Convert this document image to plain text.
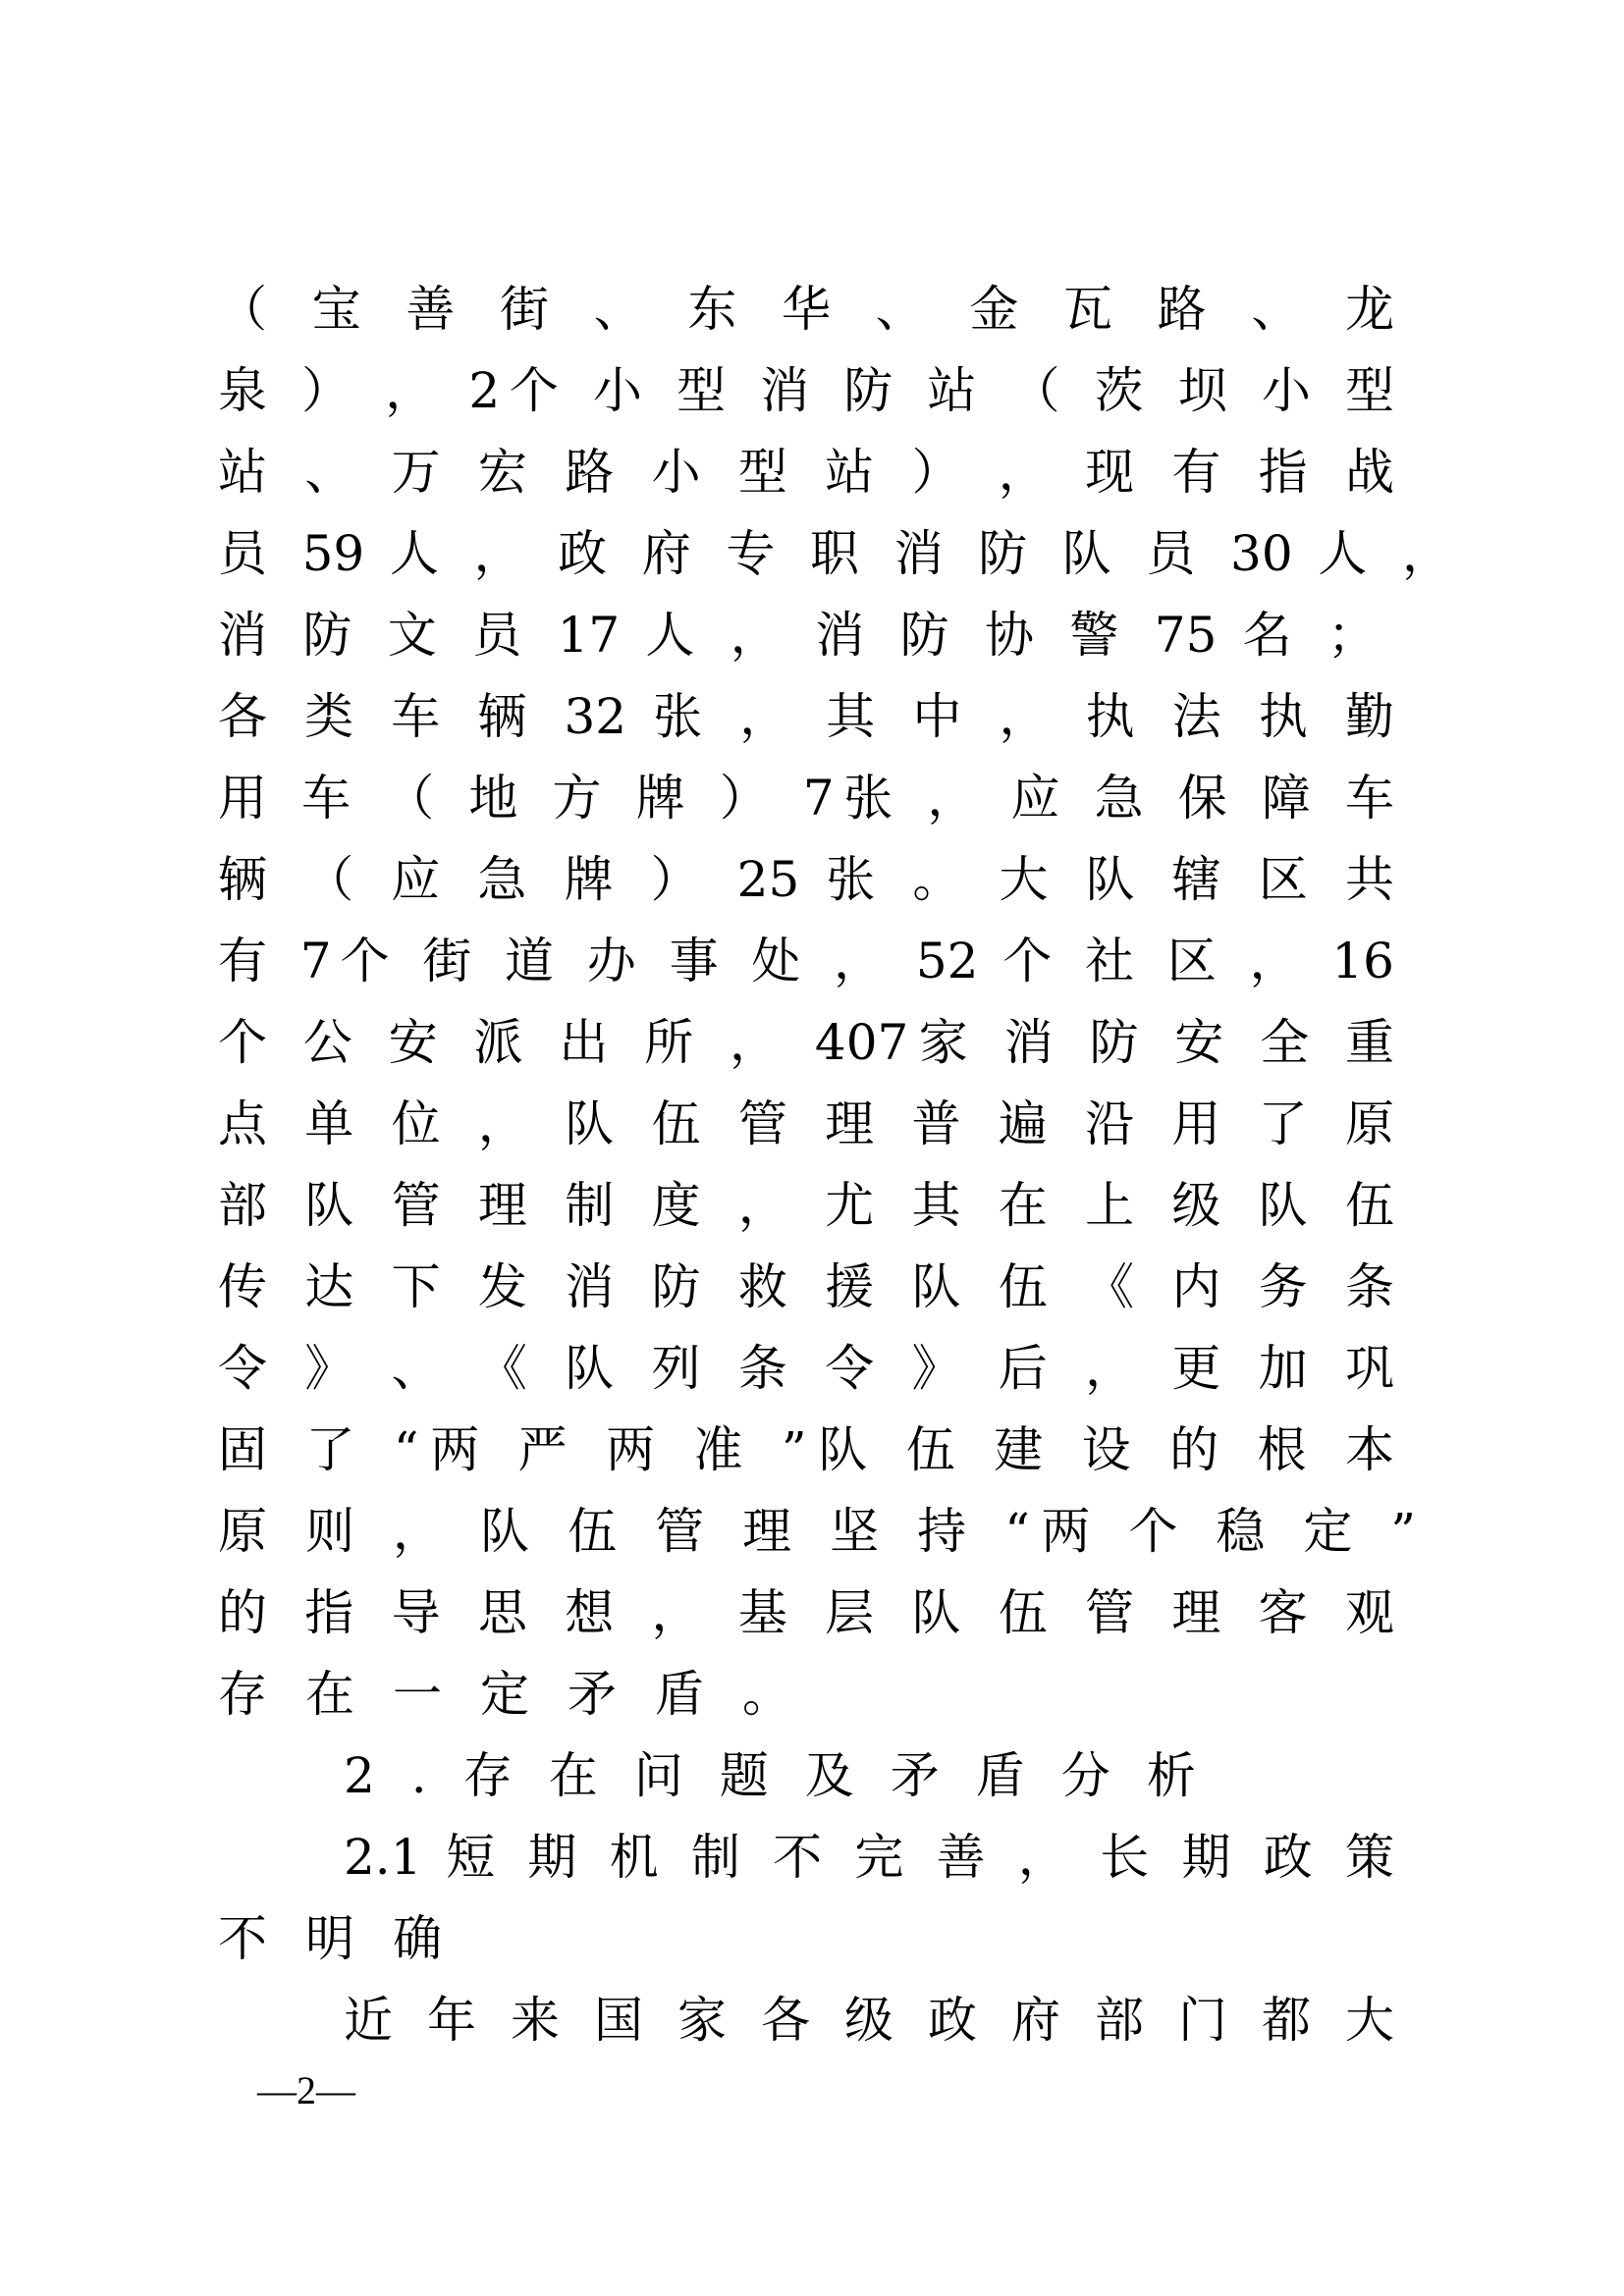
（ 宝 善 街 、 东 华 、 金 瓦 路 、 龙
泉 ） ， 2个 小 型 消 防 站 （ 茨 坝 小 型
站 、 万 宏 路 小 型 站 ） ， 现 有 指 战
员 59 人 ， 政 府 专 职 消 防 队 员 30 人 ，
消 防 文 员 17 人 ， 消 防 协 警 75 名 ；
各 类 车 辆 32 张 ， 其 中 ， 执 法 执 勤
用 车 （ 地 方 牌 ） 7张 ， 应 急 保 障 车
辆 （ 应 急 牌 ） 25 张 。 大 队 辖 区 共
有 7个 街 道 办 事 处 ， 52 个 社 区 ， 16
个 公 安 派 出 所 ， 407家 消 防 安 全 重
点 单 位 ， 队 伍 管 理 普 遍 沿 用 了 原
部 队 管 理 制 度 ， 尤 其 在 上 级 队 伍
传 达 下 发 消 防 救 援 队 伍 《 内 务 条
令 》 、 《 队 列 条 令 》 后 ， 更 加 巩
固 了 “两 严 两 准 ”队 伍 建 设 的 根 本
原 则 ， 队 伍 管 理 坚 持 “两 个 稳 定 ”
的 指 导 思 想 ， 基 层 队 伍 管 理 客 观
存在一定矛盾。
2.存在问题及矛盾分析
2.1 短 期 机 制 不 完 善 ， 长 期 政 策
不明确
近 年 来 国 家 各 级 政 府 部 门 都 大
—2—
